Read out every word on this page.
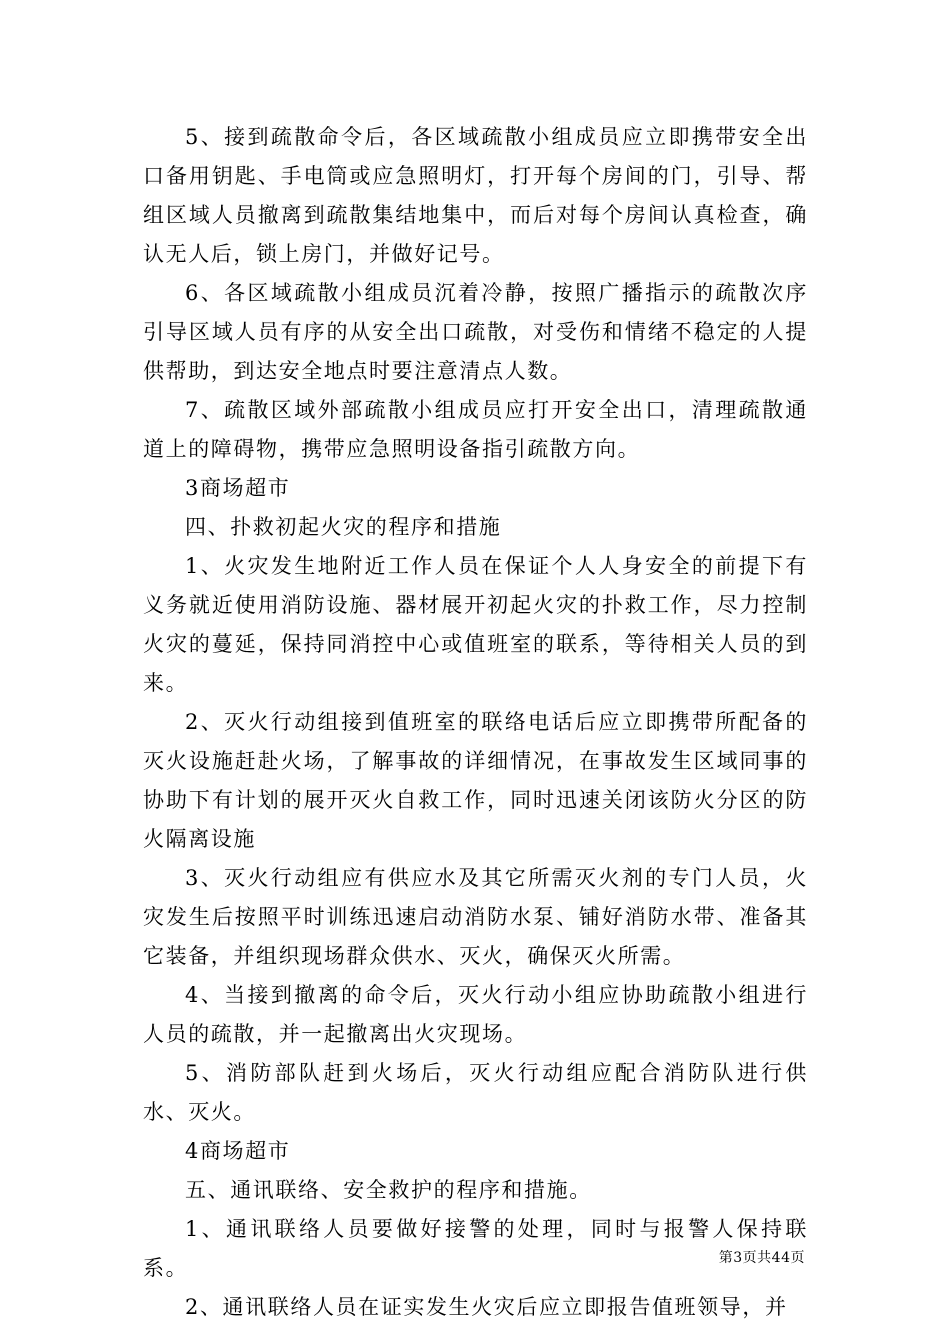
5、接到疏散命令后，各区域疏散小组成员应立即携带安全出口备用钥匙、手电筒或应急照明灯，打开每个房间的门，引导、帮组区域人员撤离到疏散集结地集中，而后对每个房间认真检查，确认无人后，锁上房门，并做好记号。

6、各区域疏散小组成员沉着冷静，按照广播指示的疏散次序引导区域人员有序的从安全出口疏散，对受伤和情绪不稳定的人提供帮助，到达安全地点时要注意清点人数。

7、疏散区域外部疏散小组成员应打开安全出口，清理疏散通道上的障碍物，携带应急照明设备指引疏散方向。

3商场超市

四、扑救初起火灾的程序和措施

1、火灾发生地附近工作人员在保证个人人身安全的前提下有义务就近使用消防设施、器材展开初起火灾的扑救工作，尽力控制火灾的蔓延，保持同消控中心或值班室的联系，等待相关人员的到来。

2、灭火行动组接到值班室的联络电话后应立即携带所配备的灭火设施赶赴火场，了解事故的详细情况，在事故发生区域同事的协助下有计划的展开灭火自救工作，同时迅速关闭该防火分区的防火隔离设施

3、灭火行动组应有供应水及其它所需灭火剂的专门人员，火灾发生后按照平时训练迅速启动消防水泵、铺好消防水带、准备其它装备，并组织现场群众供水、灭火，确保灭火所需。

4、当接到撤离的命令后，灭火行动小组应协助疏散小组进行人员的疏散，并一起撤离出火灾现场。

5、消防部队赶到火场后，灭火行动组应配合消防队进行供水、灭火。

4商场超市

五、通讯联络、安全救护的程序和措施。

1、通讯联络人员要做好接警的处理，同时与报警人保持联系。

2、通讯联络人员在证实发生火灾后应立即报告值班领导，并

第3页共44页
